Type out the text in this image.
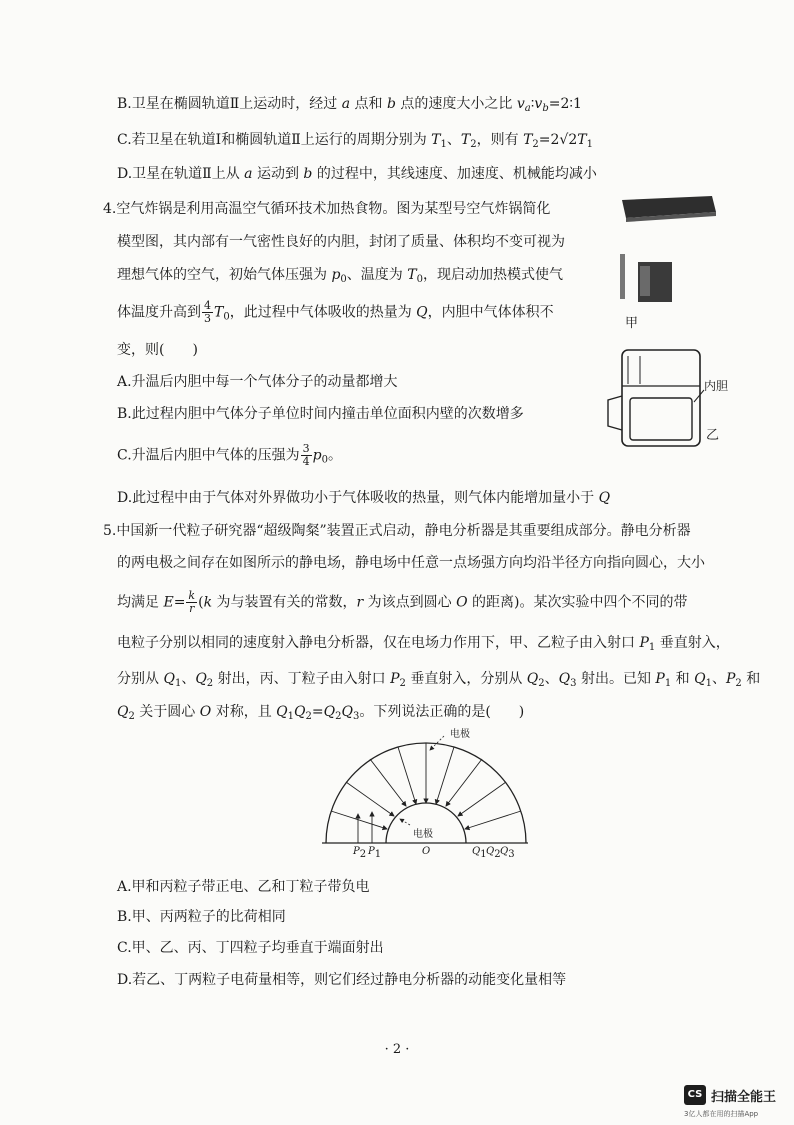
B.卫星在椭圆轨道Ⅱ上运动时，经过 a 点和 b 点的速度大小之比 $v_a∶v_b=2∶1$
C.若卫星在轨道Ⅰ和椭圆轨道Ⅱ上运行的周期分别为 $T_1$、$T_2$，则有 $T_2=2√2T_1$
D.卫星在轨道Ⅱ上从 a 运动到 b 的过程中，其线速度、加速度、机械能均减小
4.空气炸锅是利用高温空气循环技术加热食物。图为某型号空气炸锅简化
模型图，其内部有一气密性良好的内胆，封闭了质量、体积均不变可视为
理想气体的空气，初始气体压强为 $p_0$、温度为 $T_0$，现启动加热模式使气
体温度升高到 $\frac{4}{3} T_0$，此过程中气体吸收的热量为 Q，内胆中气体体积不
变，则(　　)
A.升温后内胆中每一个气体分子的动量都增大
B.此过程内胆中气体分子单位时间内撞击单位面积内壁的次数增多
C.升温后内胆中气体的压强为 $\frac{3}{4} p_0$。
D.此过程中由于气体对外界做功小于气体吸收的热量，则气体内能增加量小于 Q
甲
内胆
乙
5.中国新一代粒子研究器“超级陶粲”装置正式启动，静电分析器是其重要组成部分。静电分析器
的两电极之间存在如图所示的静电场，静电场中任意一点场强方向均沿半径方向指向圆心，大小
均满足 $E= \frac{k}{r} (k$ 为与装置有关的常数，r 为该点到圆心 O 的距离)。某次实验中四个不同的带
电粒子分别以相同的速度射入静电分析器，仅在电场力作用下，甲、乙粒子由入射口 $P_1$ 垂直射入，
分别从 $Q_1$、$Q_2$ 射出，丙、丁粒子由入射口 $P_2$ 垂直射入，分别从 $Q_2$、$Q_3$ 射出。已知 $P_1$ 和 $Q_1$、$P_2$ 和
$Q_2$ 关于圆心 O 对称，且 $Q_1Q_2=Q_2Q_3$。下列说法正确的是(　　)
电极
电极
P2 P1	O	Q1 Q2 Q3
A.甲和丙粒子带正电、乙和丁粒子带负电
B.甲、丙两粒子的比荷相同
C.甲、乙、丙、丁四粒子均垂直于端面射出
D.若乙、丁两粒子电荷量相等，则它们经过静电分析器的动能变化量相等
· 2 ·
CS 扫描全能王
3亿人都在用的扫描App
